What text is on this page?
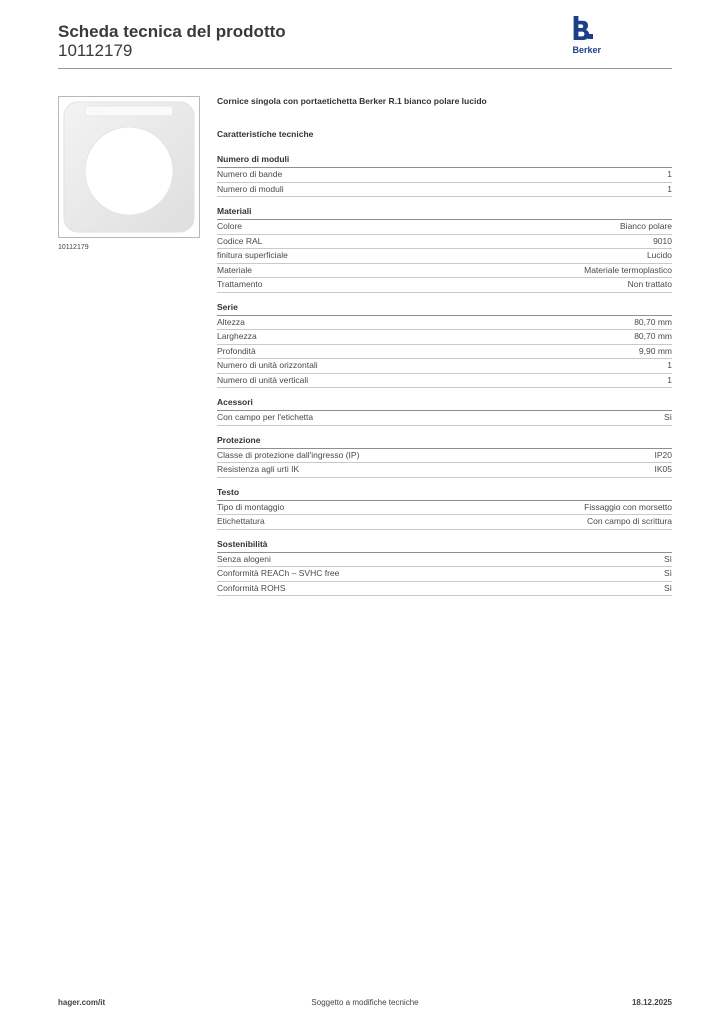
Scheda tecnica del prodotto
10112179	Berker
10112179
Cornice singola con portaetichetta Berker R.1 bianco polare lucido
Caratteristiche tecniche
Numero di moduli
Numero di bande	1
Numero di moduli	1
Materiali
Colore	Bianco polare
Codice RAL	9010
finitura superficiale	Lucido
Materiale	Materiale termoplastico
Trattamento	Non trattato
Serie
Altezza	80,70 mm
Larghezza	80,70 mm
Profondità	9,90 mm
Numero di unità orizzontali	1
Numero di unità verticali	1
Acessori
Con campo per l'etichetta	Sì
Protezione
Classe di protezione dall'ingresso (IP)	IP20
Resistenza agli urti IK	IK05
Testo
Tipo di montaggio	Fissaggio con morsetto
Etichettatura	Con campo di scrittura
Sostenibilità
Senza alogeni	Sì
Conformità REACh – SVHC free	Sì
Conformità ROHS	Sì
Soggetto a modifiche tecniche
hager.com/it	18.12.2025
